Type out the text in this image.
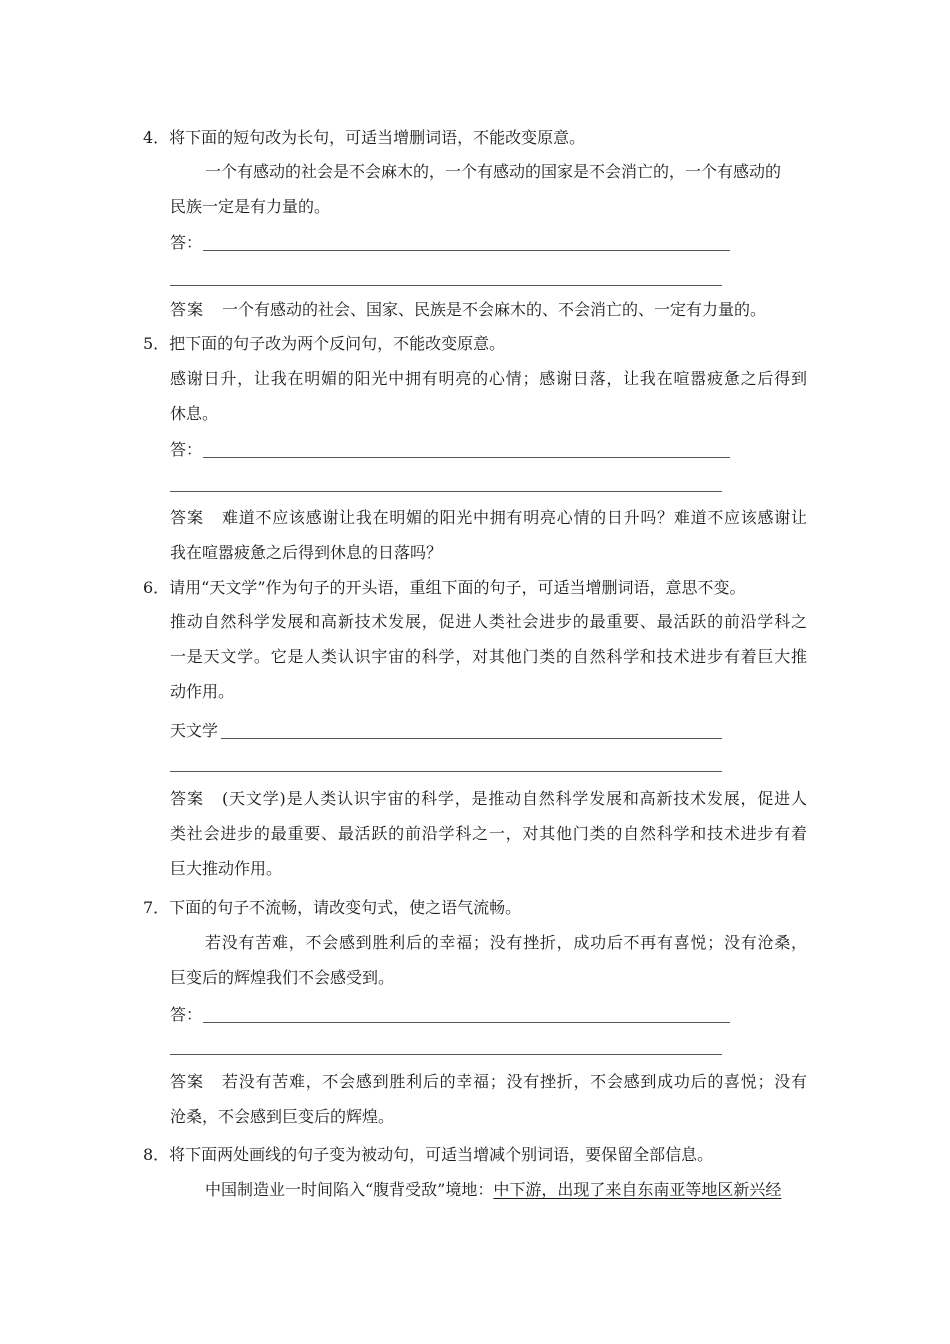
4．将下面的短句改为长句，可适当增删词语，不能改变原意。
一个有感动的社会是不会麻木的，一个有感动的国家是不会消亡的，一个有感动的
民族一定是有力量的。
答：
答案 一个有感动的社会、国家、民族是不会麻木的、不会消亡的、一定有力量的。
5．把下面的句子改为两个反问句，不能改变原意。
感谢日升，让我在明媚的阳光中拥有明亮的心情；感谢日落，让我在喧嚣疲惫之后得到
休息。
答：
答案 难道不应该感谢让我在明媚的阳光中拥有明亮心情的日升吗？难道不应该感谢让
我在喧嚣疲惫之后得到休息的日落吗？
6．请用“天文学”作为句子的开头语，重组下面的句子，可适当增删词语，意思不变。
推动自然科学发展和高新技术发展，促进人类社会进步的最重要、最活跃的前沿学科之
一是天文学。它是人类认识宇宙的科学，对其他门类的自然科学和技术进步有着巨大推
动作用。
天文学
答案 (天文学)是人类认识宇宙的科学，是推动自然科学发展和高新技术发展，促进人
类社会进步的最重要、最活跃的前沿学科之一，对其他门类的自然科学和技术进步有着
巨大推动作用。
7．下面的句子不流畅，请改变句式，使之语气流畅。
若没有苦难，不会感到胜利后的幸福；没有挫折，成功后不再有喜悦；没有沧桑，
巨变后的辉煌我们不会感受到。
答：
答案 若没有苦难，不会感到胜利后的幸福；没有挫折，不会感到成功后的喜悦；没有
沧桑，不会感到巨变后的辉煌。
8．将下面两处画线的句子变为被动句，可适当增减个别词语，要保留全部信息。
中国制造业一时间陷入“腹背受敌”境地：中下游，出现了来自东南亚等地区新兴经
